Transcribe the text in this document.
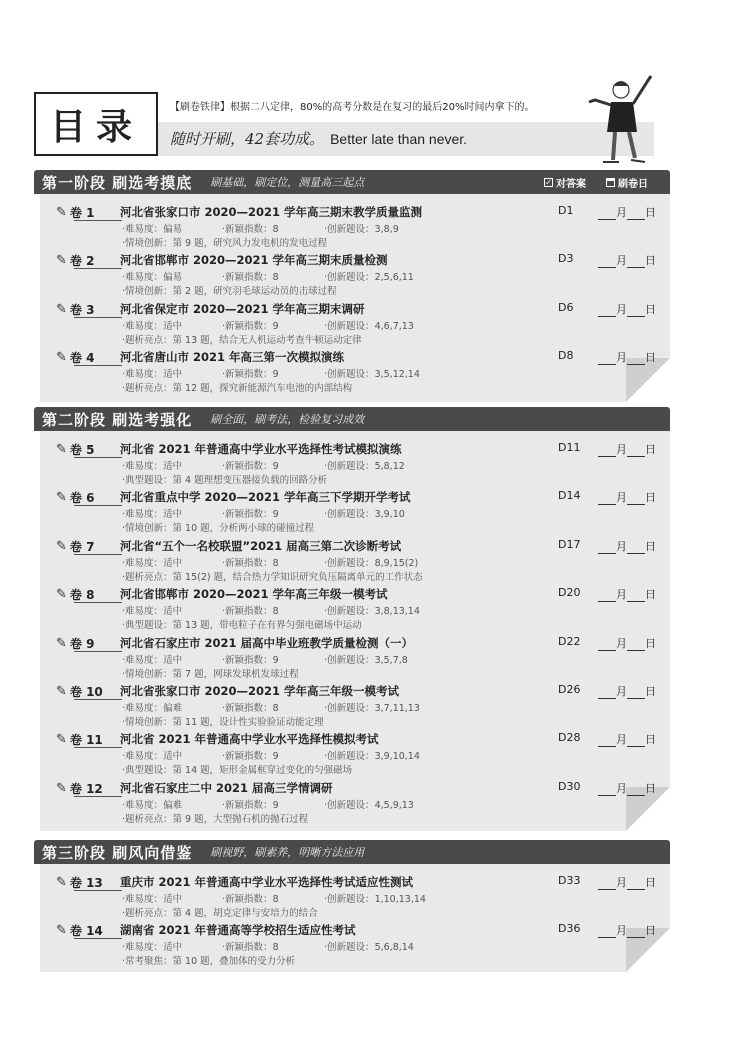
目录	【刷卷铁律】根据二八定律，80%的高考分数是在复习的最后20%时间内拿下的。
随时开刷，42套功成。 Better late than never.
第一阶段 刷选考摸底 刷基础，刷定位，测量高三起点	✓ 对答案	刷卷日
✎ 卷 1 河北省张家口市 2020—2021 学年高三期末教学质量监测	D1	月 日
·难易度：偏易	·新颖指数：8	·创新题设：3,8,9
·情境创新：第 9 题，研究风力发电机的发电过程
✎ 卷 2 河北省邯郸市 2020—2021 学年高三期末质量检测	D3	月 日
·难易度：偏易	·新颖指数：8	·创新题设：2,5,6,11
·情境创新：第 2 题，研究羽毛球运动员的击球过程
✎ 卷 3 河北省保定市 2020—2021 学年高三期末调研	D6	月 日
·难易度：适中	·新颖指数：9	·创新题设：4,6,7,13
·题析亮点：第 13 题，结合无人机运动考查牛顿运动定律
✎ 卷 4 河北省唐山市 2021 年高三第一次模拟演练	D8	月 日
·难易度：适中	·新颖指数：9	·创新题设：3,5,12,14
·题析亮点：第 12 题，探究新能源汽车电池的内部结构
第二阶段 刷选考强化 刷全面，刷考法，检验复习成效
✎ 卷 5 河北省 2021 年普通高中学业水平选择性考试模拟演练	D11	月 日
·难易度：适中	·新颖指数：9	·创新题设：5,8,12
·典型题设：第 4 题理想变压器接负载的回路分析
✎ 卷 6 河北省重点中学 2020—2021 学年高三下学期开学考试	D14	月 日
·难易度：适中	·新颖指数：9	·创新题设：3,9,10
·情境创新：第 10 题，分析两小球的碰撞过程
✎ 卷 7 河北省“五个一名校联盟”2021 届高三第二次诊断考试	D17	月 日
·难易度：适中	·新颖指数：8	·创新题设：8,9,15(2)
·题析亮点：第 15(2) 题，结合热力学知识研究负压隔离单元的工作状态
✎ 卷 8 河北省邯郸市 2020—2021 学年高三年级一模考试	D20	月 日
·难易度：适中	·新颖指数：8	·创新题设：3,8,13,14
·典型题设：第 13 题，带电粒子在有界匀强电磁场中运动
✎ 卷 9 河北省石家庄市 2021 届高中毕业班教学质量检测（一）	D22	月 日
·难易度：适中	·新颖指数：9	·创新题设：3,5,7,8
·情境创新：第 7 题，网球发球机发球过程
✎ 卷 10 河北省张家口市 2020—2021 学年高三年级一模考试	D26	月 日
·难易度：偏难	·新颖指数：8	·创新题设：3,7,11,13
·情境创新：第 11 题，设计性实验验证动能定理
✎ 卷 11 河北省 2021 年普通高中学业水平选择性模拟考试	D28	月 日
·难易度：适中	·新颖指数：9	·创新题设：3,9,10,14
·典型题设：第 14 题，矩形金属框穿过变化的匀强磁场
✎ 卷 12 河北省石家庄二中 2021 届高三学情调研	D30	月 日
·难易度：偏难	·新颖指数：9	·创新题设：4,5,9,13
·题析亮点：第 9 题，大型抛石机的抛石过程
第三阶段 刷风向借鉴 刷视野，刷素养，明晰方法应用
✎ 卷 13 重庆市 2021 年普通高中学业水平选择性考试适应性测试	D33	月 日
·难易度：适中	·新颖指数：8	·创新题设：1,10,13,14
·题析亮点：第 4 题，胡克定律与安培力的结合
✎ 卷 14 湖南省 2021 年普通高等学校招生适应性考试	D36	月 日
·难易度：适中	·新颖指数：8	·创新题设：5,6,8,14
·常考聚焦：第 10 题，叠加体的受力分析
